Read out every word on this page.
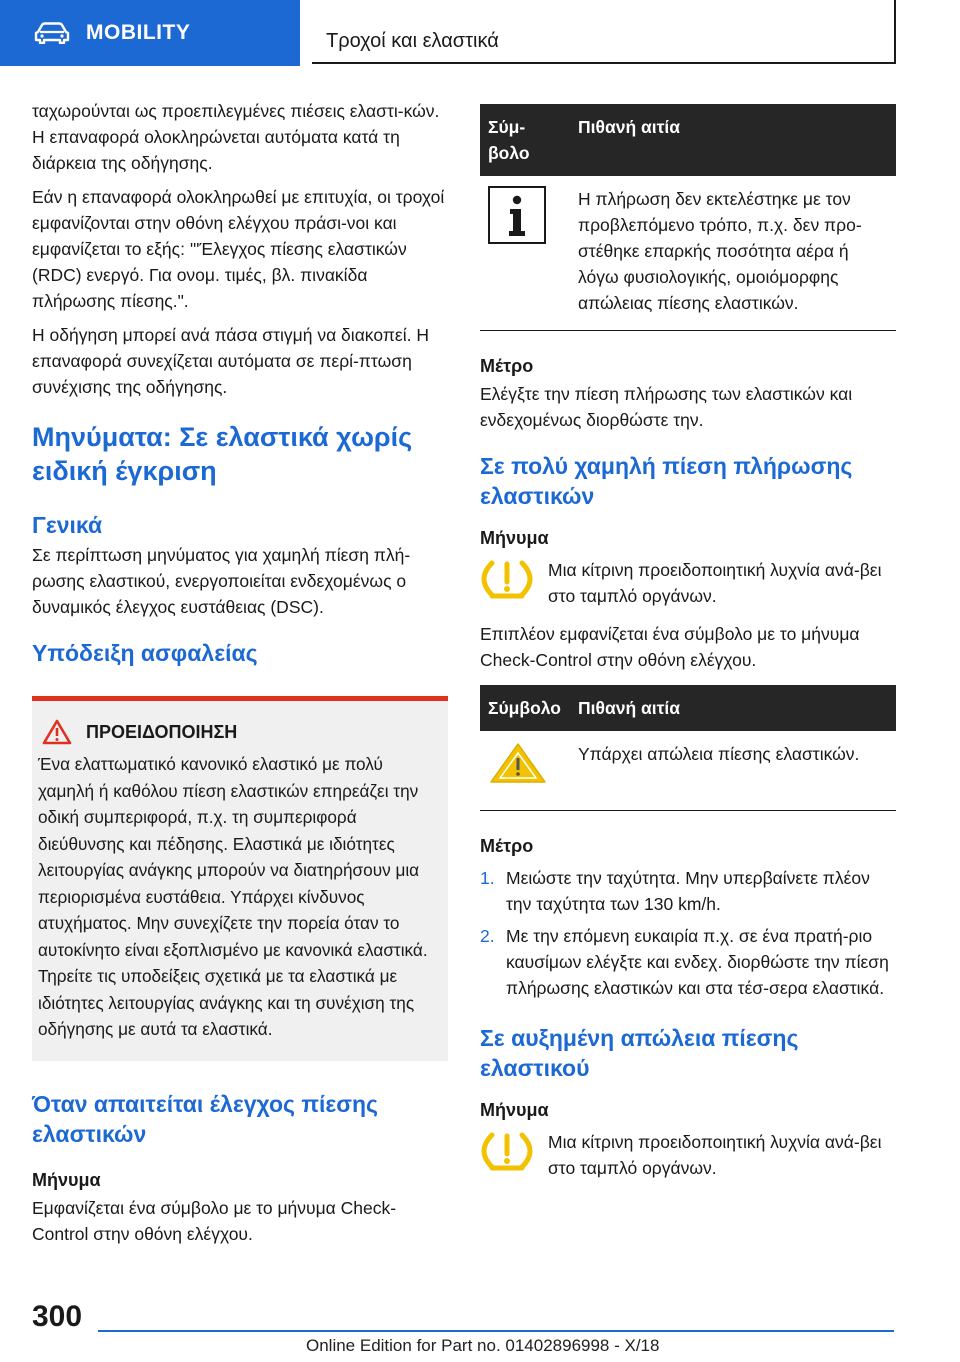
MOBILITY	Τροχοί και ελαστικά

ταχωρούνται ως προεπιλεγμένες πιέσεις ελαστι-κών. Η επαναφορά ολοκληρώνεται αυτόματα κατά τη διάρκεια της οδήγησης.

Εάν η επαναφορά ολοκληρωθεί με επιτυχία, οι τροχοί εμφανίζονται στην οθόνη ελέγχου πράσι-νοι και εμφανίζεται το εξής: '"Έλεγχος πίεσης ελαστικών (RDC) ενεργό. Για ονομ. τιμές, βλ. πινακίδα πλήρωσης πίεσης.".

Η οδήγηση μπορεί ανά πάσα στιγμή να διακοπεί. Η επαναφορά συνεχίζεται αυτόματα σε περί-πτωση συνέχισης της οδήγησης.

Μηνύματα: Σε ελαστικά χωρίς ειδική έγκριση
Γενικά

Σε περίπτωση μηνύματος για χαμηλή πίεση πλή-ρωσης ελαστικού, ενεργοποιείται ενδεχομένως ο δυναμικός έλεγχος ευστάθειας (DSC).

Υπόδειξη ασφαλείας
ΠΡΟΕΙΔΟΠΟΙΗΣΗ

Ένα ελαττωματικό κανονικό ελαστικό με πολύ χαμηλή ή καθόλου πίεση ελαστικών επηρεάζει την οδική συμπεριφορά, π.χ. τη συμπεριφορά διεύθυνσης και πέδησης. Ελαστικά με ιδιότητες λειτουργίας ανάγκης μπορούν να διατηρήσουν μια περιορισμένα ευστάθεια. Υπάρχει κίνδυνος ατυχήματος. Μην συνεχίζετε την πορεία όταν το αυτοκίνητο είναι εξοπλισμένο με κανονικά ελαστικά. Τηρείτε τις υποδείξεις σχετικά με τα ελαστικά με ιδιότητες λειτουργίας ανάγκης και τη συνέχιση της οδήγησης με αυτά τα ελαστικά.

Όταν απαιτείται έλεγχος πίεσης ελαστικών
Μήνυμα

Εμφανίζεται ένα σύμβολο με το μήνυμα Check-Control στην οθόνη ελέγχου.

Σύμ-βολο	Πιθανή αιτία
	Η πλήρωση δεν εκτελέστηκε με τον προβλεπόμενο τρόπο, π.χ. δεν προ-στέθηκε επαρκής ποσότητα αέρα ή λόγω φυσιολογικής, ομοιόμορφης απώλειας πίεσης ελαστικών.
Μέτρο

Ελέγξτε την πίεση πλήρωσης των ελαστικών και ενδεχομένως διορθώστε την.

Σε πολύ χαμηλή πίεση πλήρωσης ελαστικών
Μήνυμα

Μια κίτρινη προειδοποιητική λυχνία ανά-βει στο ταμπλό οργάνων.

Επιπλέον εμφανίζεται ένα σύμβολο με το μήνυμα Check-Control στην οθόνη ελέγχου.

Σύμβολο	Πιθανή αιτία
	Υπάρχει απώλεια πίεσης ελαστικών.
Μέτρο
1. Μειώστε την ταχύτητα. Μην υπερβαίνετε πλέον την ταχύτητα των 130 km/h.
2. Με την επόμενη ευκαιρία π.χ. σε ένα πρατή-ριο καυσίμων ελέγξτε και ενδεχ. διορθώστε την πίεση πλήρωσης ελαστικών και στα τέσ-σερα ελαστικά.
Σε αυξημένη απώλεια πίεσης ελαστικού
Μήνυμα

Μια κίτρινη προειδοποιητική λυχνία ανά-βει στο ταμπλό οργάνων.

300
Online Edition for Part no. 01402896998 - X/18
